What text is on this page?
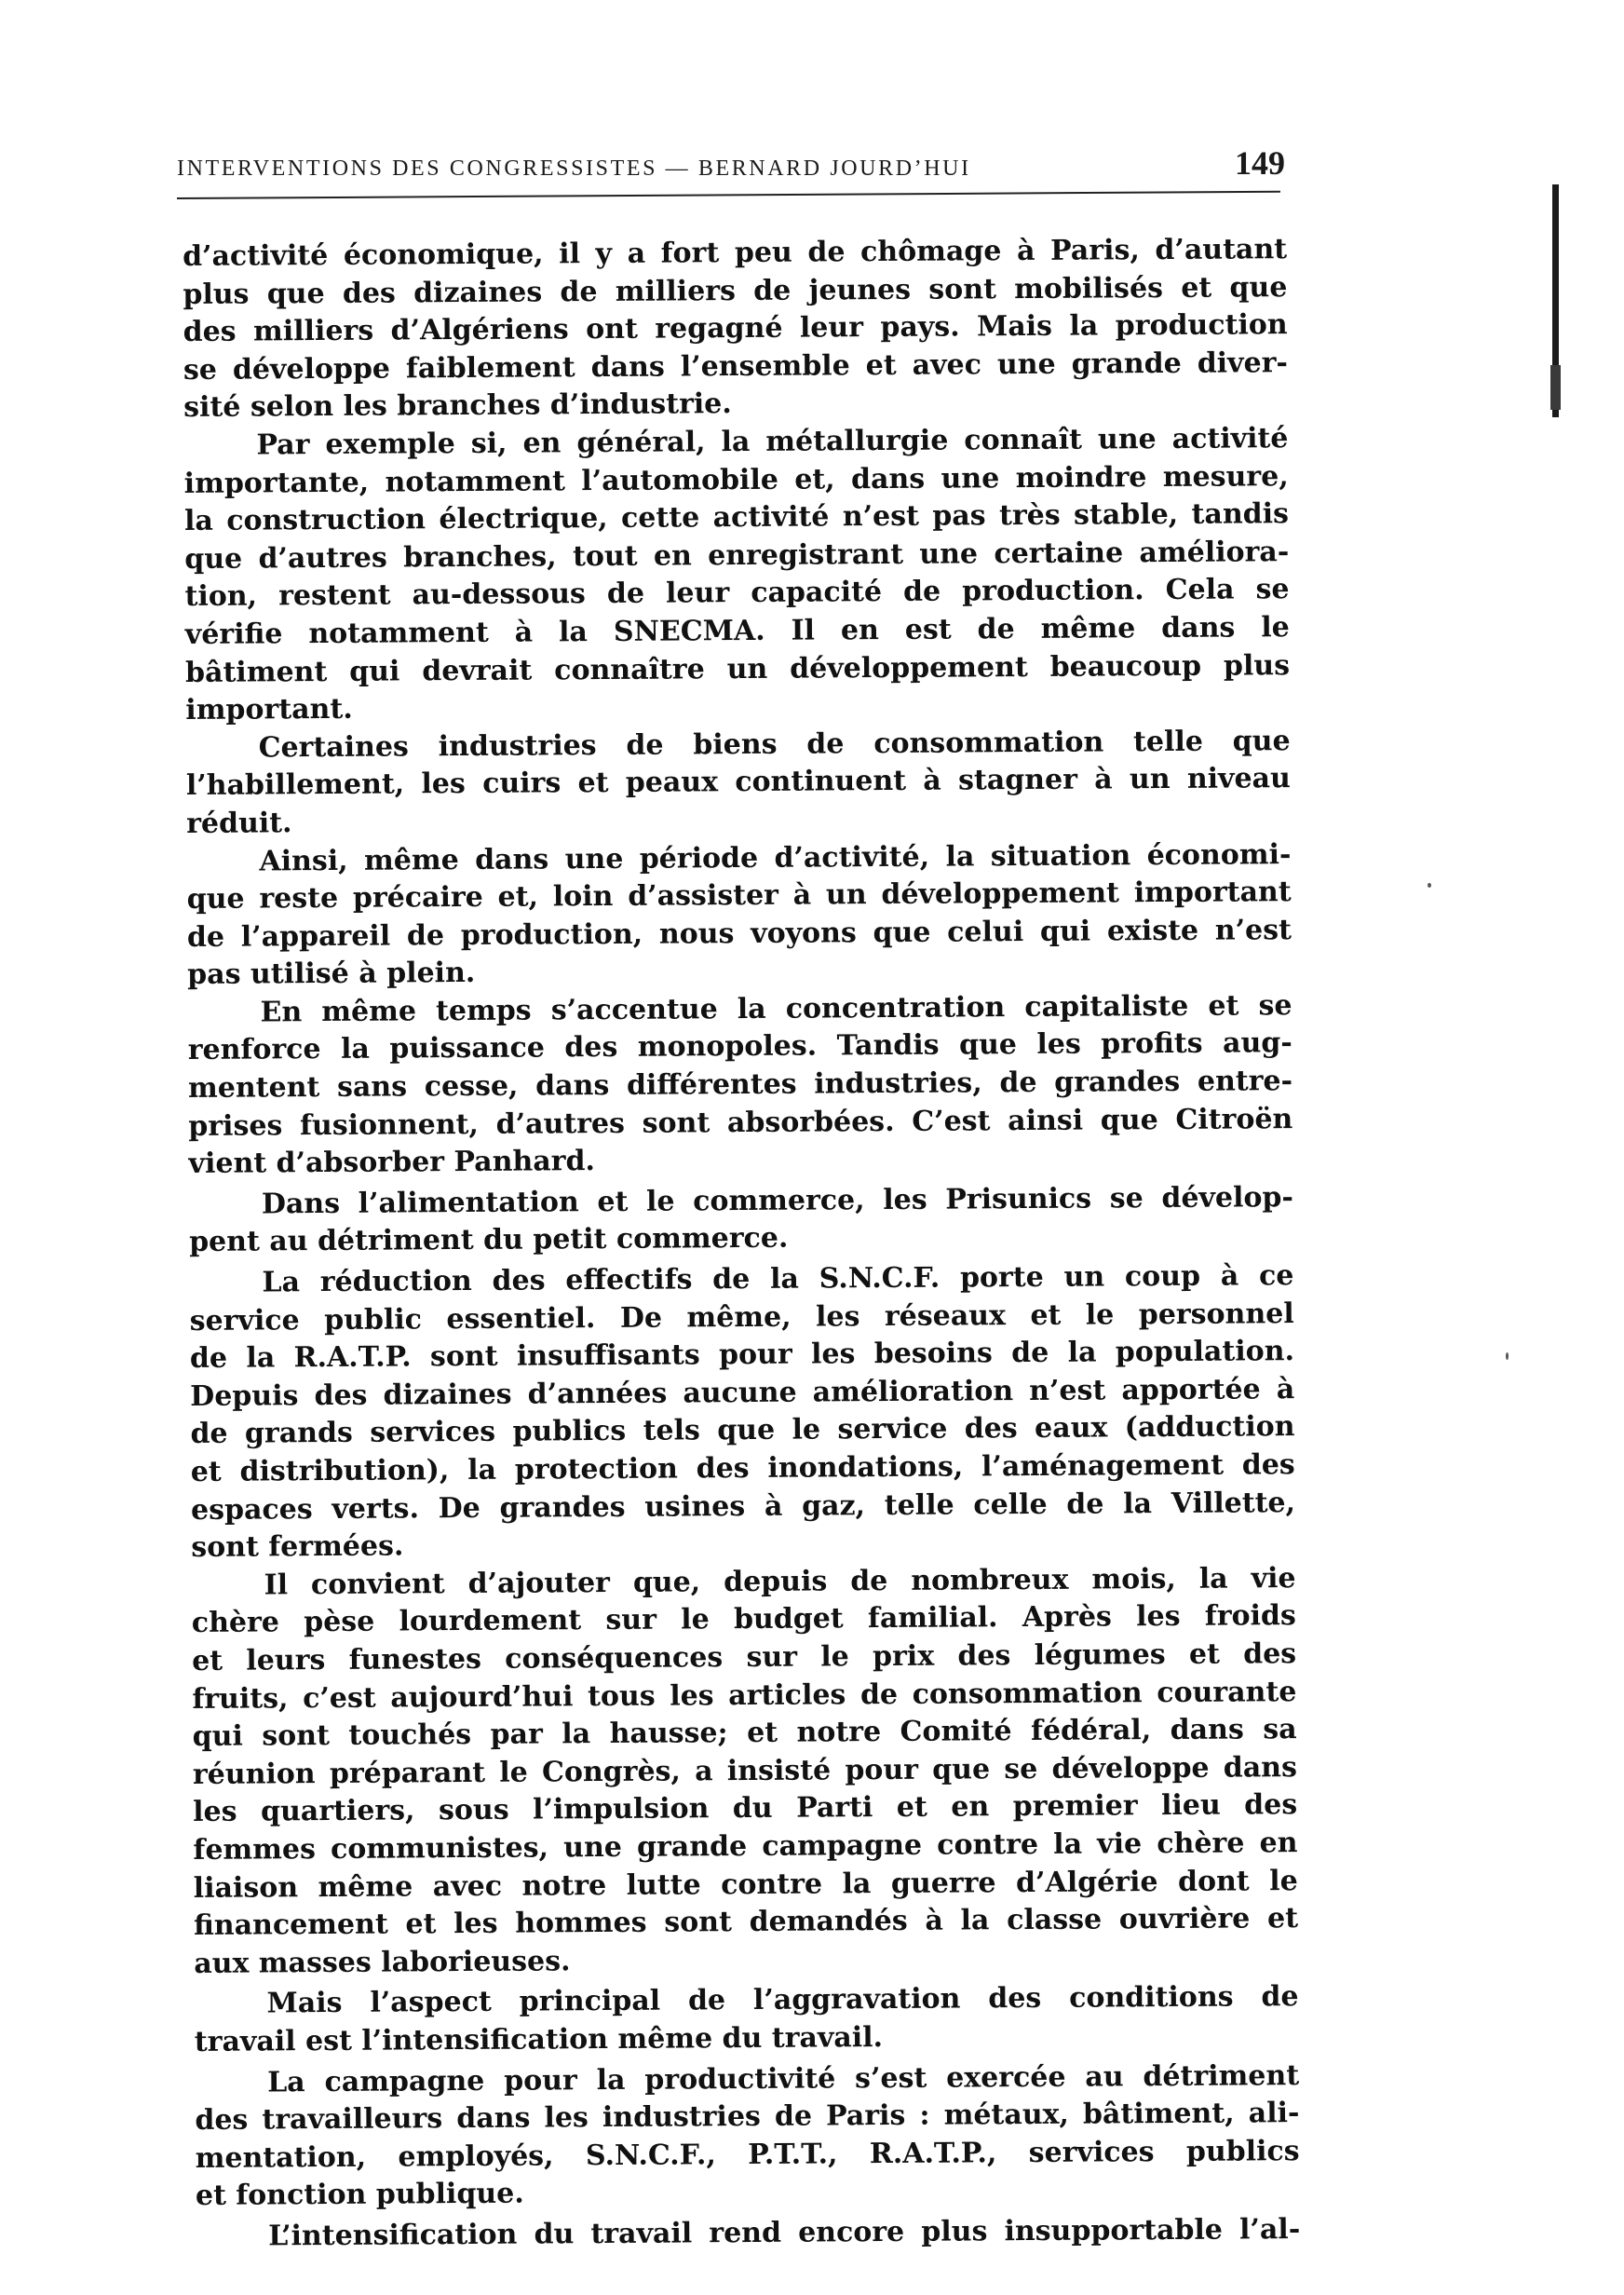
INTERVENTIONS DES CONGRESSISTES — BERNARD JOURD’HUI	149
d’activité économique, il y a fort peu de chômage à Paris, d’autant
plus que des dizaines de milliers de jeunes sont mobilisés et que
des milliers d’Algériens ont regagné leur pays. Mais la production
se développe faiblement dans l’ensemble et avec une grande diver-
sité selon les branches d’industrie.
Par exemple si, en général, la métallurgie connaît une activité
importante, notamment l’automobile et, dans une moindre mesure,
la construction électrique, cette activité n’est pas très stable, tandis
que d’autres branches, tout en enregistrant une certaine améliora-
tion, restent au-dessous de leur capacité de production. Cela se
vérifie notamment à la SNECMA. Il en est de même dans le
bâtiment qui devrait connaître un développement beaucoup plus
important.
Certaines industries de biens de consommation telle que
l’habillement, les cuirs et peaux continuent à stagner à un niveau
réduit.
Ainsi, même dans une période d’activité, la situation économi-
que reste précaire et, loin d’assister à un développement important
de l’appareil de production, nous voyons que celui qui existe n’est
pas utilisé à plein.
En même temps s’accentue la concentration capitaliste et se
renforce la puissance des monopoles. Tandis que les profits aug-
mentent sans cesse, dans différentes industries, de grandes entre-
prises fusionnent, d’autres sont absorbées. C’est ainsi que Citroën
vient d’absorber Panhard.
Dans l’alimentation et le commerce, les Prisunics se dévelop-
pent au détriment du petit commerce.
La réduction des effectifs de la S.N.C.F. porte un coup à ce
service public essentiel. De même, les réseaux et le personnel
de la R.A.T.P. sont insuffisants pour les besoins de la population.
Depuis des dizaines d’années aucune amélioration n’est apportée à
de grands services publics tels que le service des eaux (adduction
et distribution), la protection des inondations, l’aménagement des
espaces verts. De grandes usines à gaz, telle celle de la Villette,
sont fermées.
Il convient d’ajouter que, depuis de nombreux mois, la vie
chère pèse lourdement sur le budget familial. Après les froids
et leurs funestes conséquences sur le prix des légumes et des
fruits, c’est aujourd’hui tous les articles de consommation courante
qui sont touchés par la hausse; et notre Comité fédéral, dans sa
réunion préparant le Congrès, a insisté pour que se développe dans
les quartiers, sous l’impulsion du Parti et en premier lieu des
femmes communistes, une grande campagne contre la vie chère en
liaison même avec notre lutte contre la guerre d’Algérie dont le
financement et les hommes sont demandés à la classe ouvrière et
aux masses laborieuses.
Mais l’aspect principal de l’aggravation des conditions de
travail est l’intensification même du travail.
La campagne pour la productivité s’est exercée au détriment
des travailleurs dans les industries de Paris : métaux, bâtiment, ali-
mentation, employés, S.N.C.F., P.T.T., R.A.T.P., services publics
et fonction publique.
L’intensification du travail rend encore plus insupportable l’al-
